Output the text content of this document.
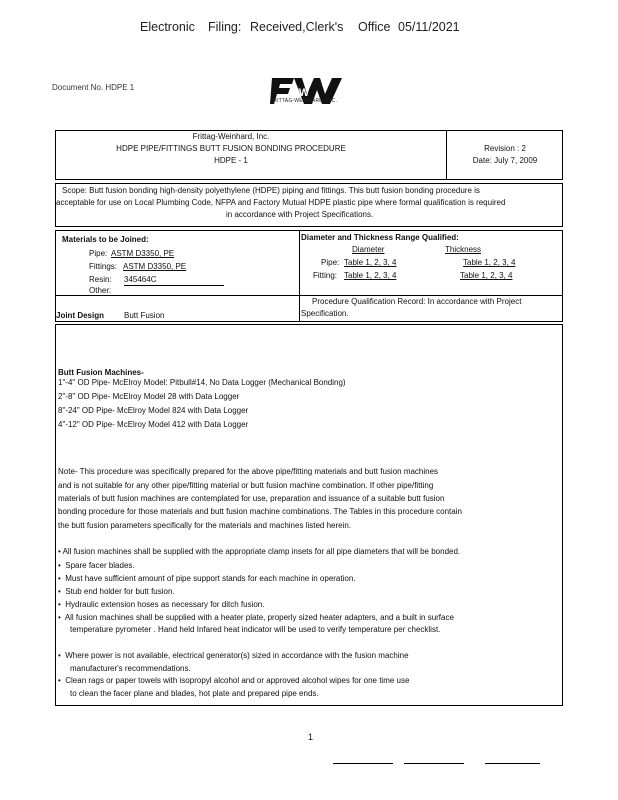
Electronic Filing: Received,Clerk's Office 05/11/2021
Document No. HDPE 1	FW
FRITTAG-WEINHARD, INC.
Frittag-Weinhard, Inc.
HDPE PIPE/FITTINGS BUTT FUSION BONDING PROCEDURE
HDPE - 1
Revision : 2
Date: July 7, 2009
Scope: Butt fusion bonding high-density polyethylene (HDPE) piping and fittings. This butt fusion bonding procedure is
acceptable for use on Local Plumbing Code, NFPA and Factory Mutual HDPE plastic pipe where formal qualification is required
in accordance with Project Specifications.
Materials to be Joined:
Pipe: ASTM D3350, PE
Fittings: ASTM D3350, PE
Resin: 345464C
Other:
Diameter and Thickness Range Qualified:
Diameter	Thickness
Pipe: Table 1, 2, 3, 4	Table 1, 2, 3, 4
Fitting: Table 1, 2, 3, 4	Table 1, 2, 3, 4
Joint Design Butt Fusion
Procedure Qualification Record: In accordance with Project
Specification.
Butt Fusion Machines-
1"-4" OD Pipe- McElroy Model: Pitbull#14, No Data Logger (Mechanical Bonding)
2"-8" OD Pipe- McElroy Model 28 with Data Logger
8"-24" OD Pipe- McElroy Model 824 with Data Logger
4"-12" OD Pipe- McElroy Model 412 with Data Logger
Note- This procedure was specifically prepared for the above pipe/fitting materials and butt fusion machines
and is not suitable for any other pipe/fitting material or butt fusion machine combination. If other pipe/fitting
materials of butt fusion machines are contemplated for use, preparation and issuance of a suitable butt fusion
bonding procedure for those materials and butt fusion machine combinations. The Tables in this procedure contain
the butt fusion parameters specifically for the materials and machines listed herein.
• All fusion machines shall be supplied with the appropriate clamp insets for all pipe diameters that will be bonded.
•  Spare facer blades.
•  Must have sufficient amount of pipe support stands for each machine in operation.
•  Stub end holder for butt fusion.
•  Hydraulic extension hoses as necessary for ditch fusion.
•  All fusion machines shall be supplied with a heater plate, properly sized heater adapters, and a built in surface
temperature pyrometer . Hand held Infared heat indicator will be used to verify temperature per checklist.
•  Where power is not available, electrical generator(s) sized in accordance with the fusion machine
manufacturer's recommendations.
•  Clean rags or paper towels with isopropyl alcohol and or approved alcohol wipes for one time use
to clean the facer plane and blades, hot plate and prepared pipe ends.
1
